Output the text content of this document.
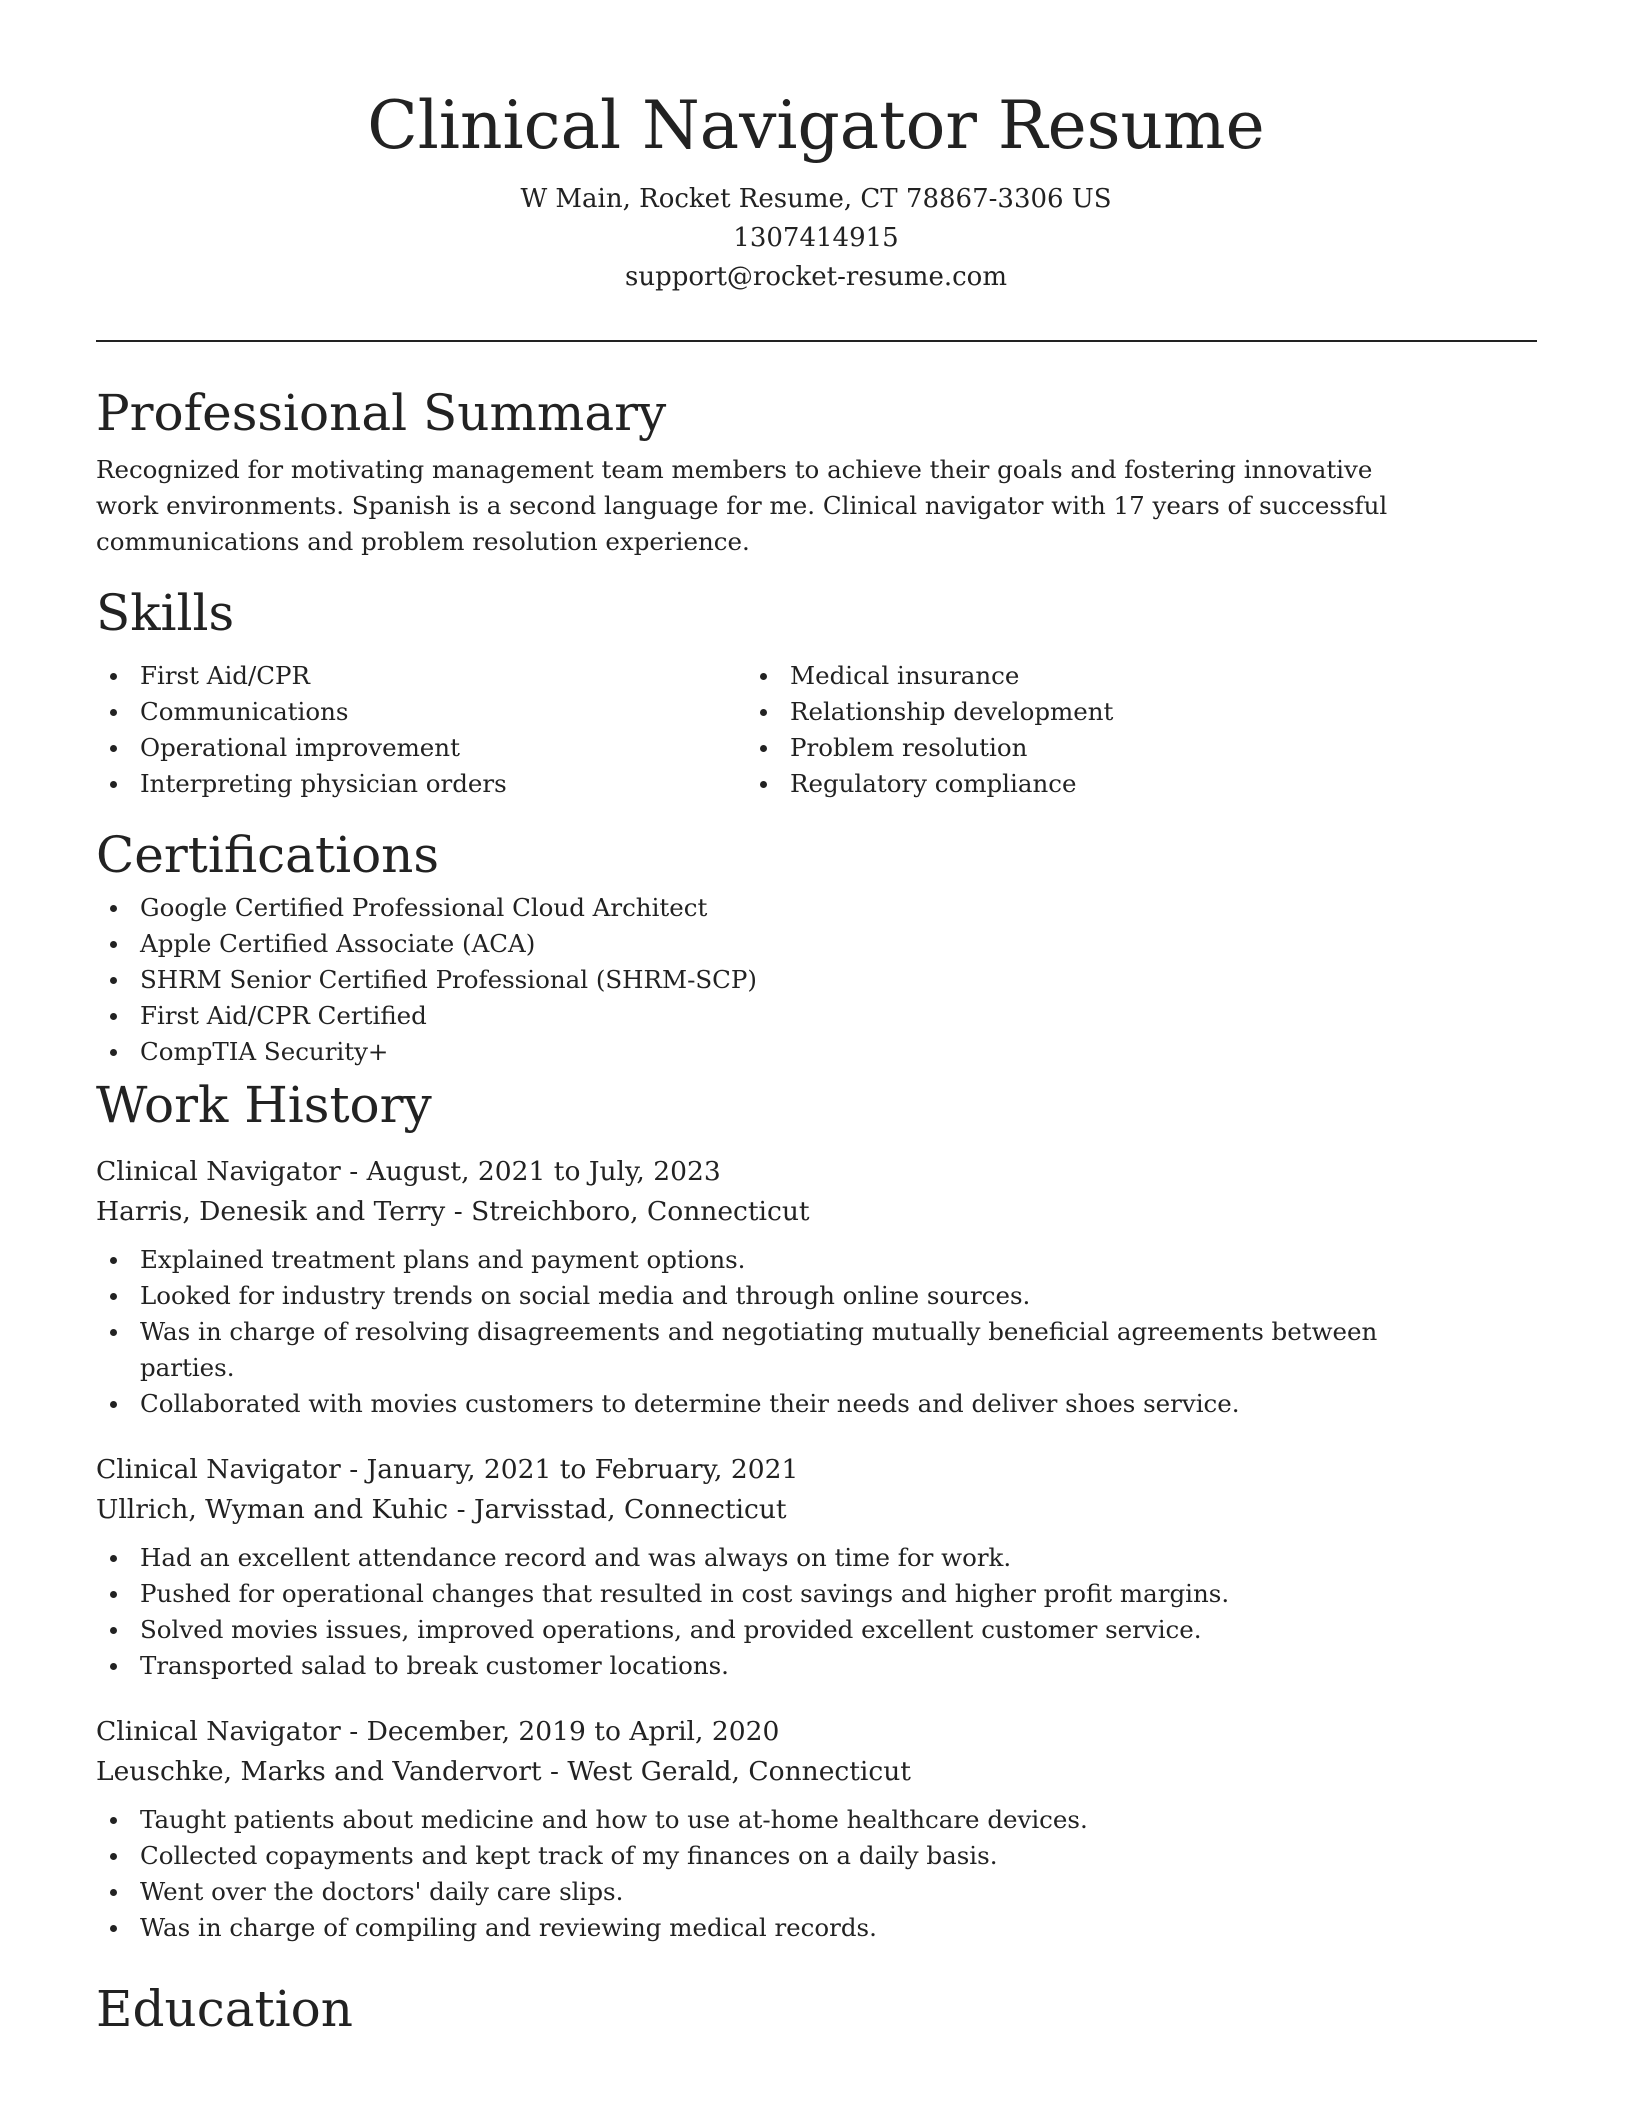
Clinical Navigator Resume
W Main, Rocket Resume, CT 78867-3306 US
1307414915
support@rocket-resume.com
Professional Summary

Recognized for motivating management team members to achieve their goals and fostering innovative work environments. Spanish is a second language for me. Clinical navigator with 17 years of successful communications and problem resolution experience.

Skills
First Aid/CPR
Communications
Operational improvement
Interpreting physician orders
Medical insurance
Relationship development
Problem resolution
Regulatory compliance
Certifications
Google Certified Professional Cloud Architect
Apple Certified Associate (ACA)
SHRM Senior Certified Professional (SHRM-SCP)
First Aid/CPR Certified
CompTIA Security+
Work History
Clinical Navigator - August, 2021 to July, 2023
Harris, Denesik and Terry - Streichboro, Connecticut
Explained treatment plans and payment options.
Looked for industry trends on social media and through online sources.
Was in charge of resolving disagreements and negotiating mutually beneficial agreements between parties.
Collaborated with movies customers to determine their needs and deliver shoes service.
Clinical Navigator - January, 2021 to February, 2021
Ullrich, Wyman and Kuhic - Jarvisstad, Connecticut
Had an excellent attendance record and was always on time for work.
Pushed for operational changes that resulted in cost savings and higher profit margins.
Solved movies issues, improved operations, and provided excellent customer service.
Transported salad to break customer locations.
Clinical Navigator - December, 2019 to April, 2020
Leuschke, Marks and Vandervort - West Gerald, Connecticut
Taught patients about medicine and how to use at-home healthcare devices.
Collected copayments and kept track of my finances on a daily basis.
Went over the doctors' daily care slips.
Was in charge of compiling and reviewing medical records.
Education
